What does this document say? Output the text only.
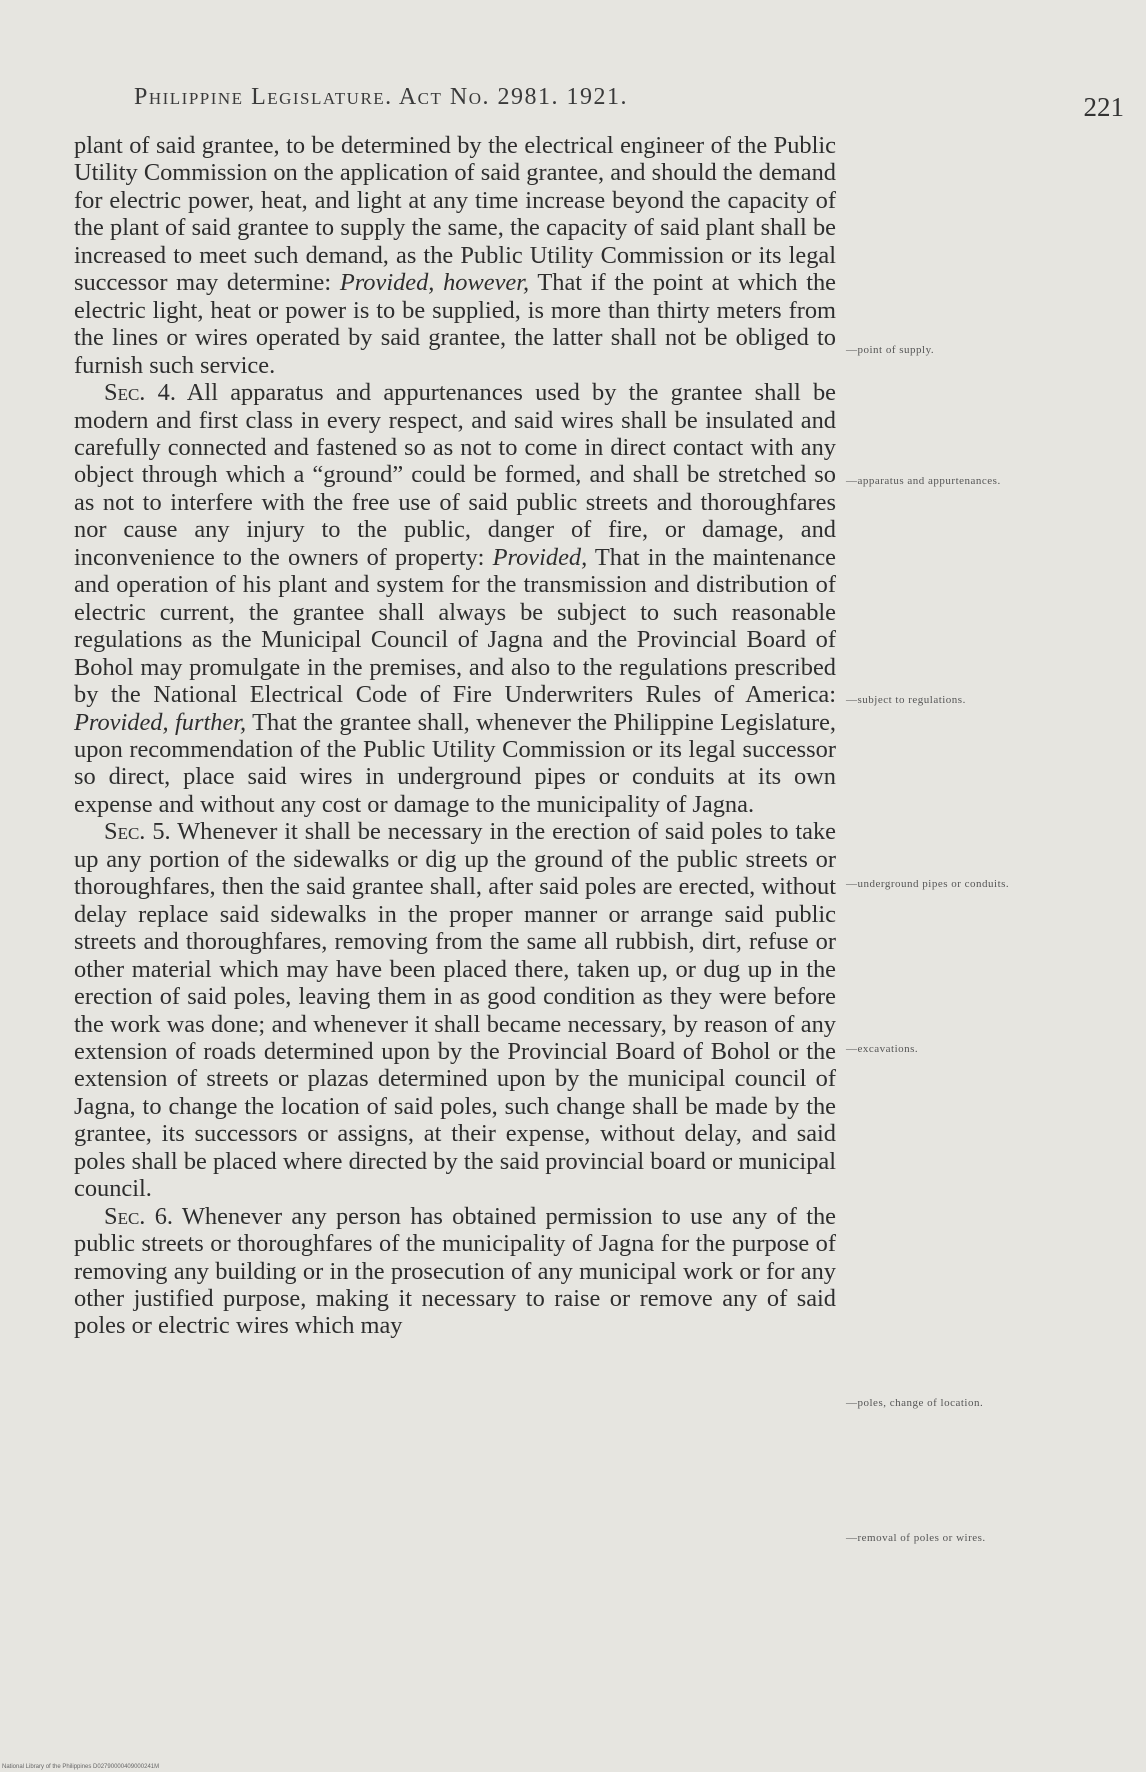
Philippine Legislature. Act No. 2981. 1921.	221

plant of said grantee, to be determined by the electrical engineer of the Public Utility Commission on the application of said grantee, and should the demand for electric power, heat, and light at any time increase beyond the capacity of the plant of said grantee to supply the same, the capacity of said plant shall be increased to meet such demand, as the Public Utility Commission or its legal successor may determine: Provided, however, That if the point at which the electric light, heat or power is to be supplied, is more than thirty meters from the lines or wires operated by said grantee, the latter shall not be obliged to furnish such service.

Sec. 4. All apparatus and appurtenances used by the grantee shall be modern and first class in every respect, and said wires shall be insulated and carefully connected and fastened so as not to come in direct contact with any object through which a “ground” could be formed, and shall be stretched so as not to interfere with the free use of said public streets and thoroughfares nor cause any injury to the public, danger of fire, or damage, and inconvenience to the owners of property: Provided, That in the maintenance and operation of his plant and system for the transmission and distribution of electric current, the grantee shall always be subject to such reasonable regulations as the Municipal Council of Jagna and the Provincial Board of Bohol may promulgate in the premises, and also to the regulations prescribed by the National Electrical Code of Fire Underwriters Rules of America: Provided, further, That the grantee shall, whenever the Philippine Legislature, upon recommendation of the Public Utility Commission or its legal successor so direct, place said wires in underground pipes or conduits at its own expense and without any cost or damage to the municipality of Jagna.

Sec. 5. Whenever it shall be necessary in the erection of said poles to take up any portion of the sidewalks or dig up the ground of the public streets or thoroughfares, then the said grantee shall, after said poles are erected, without delay replace said sidewalks in the proper manner or arrange said public streets and thoroughfares, removing from the same all rubbish, dirt, refuse or other material which may have been placed there, taken up, or dug up in the erection of said poles, leaving them in as good condition as they were before the work was done; and whenever it shall became necessary, by reason of any extension of roads determined upon by the Provincial Board of Bohol or the extension of streets or plazas determined upon by the municipal council of Jagna, to change the location of said poles, such change shall be made by the grantee, its successors or assigns, at their expense, without delay, and said poles shall be placed where directed by the said provincial board or municipal council.

Sec. 6. Whenever any person has obtained permission to use any of the public streets or thoroughfares of the municipality of Jagna for the purpose of removing any building or in the prosecution of any municipal work or for any other justified purpose, making it necessary to raise or remove any of said poles or electric wires which may

—point of supply.
—apparatus and appurtenances.
—subject to regulations.
—underground pipes or conduits.
—excavations.
—poles, change of location.
—removal of poles or wires.
National Library of the Philippines D02790000409000241M
